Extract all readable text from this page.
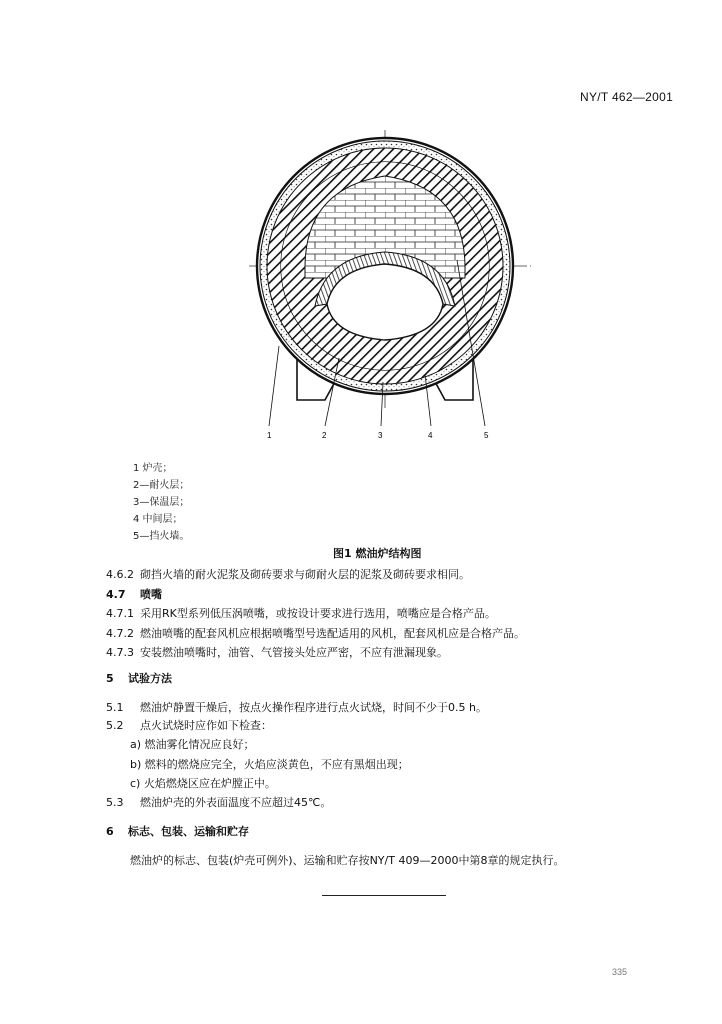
NY/T 462—2001
1	2	3	4	5
1 炉壳；
2—耐火层；
3—保温层；
4 中间层；
5—挡火墙。
图1 燃油炉结构图
4.6.2 砌挡火墙的耐火泥浆及砌砖要求与砌耐火层的泥浆及砌砖要求相同。
4.7 喷嘴
4.7.1 采用RK型系列低压涡喷嘴，或按设计要求进行选用，喷嘴应是合格产品。
4.7.2 燃油喷嘴的配套风机应根据喷嘴型号选配适用的风机，配套风机应是合格产品。
4.7.3 安装燃油喷嘴时，油管、气管接头处应严密，不应有泄漏现象。
5 试验方法
5.1 燃油炉静置干燥后，按点火操作程序进行点火试烧，时间不少于0.5 h。
5.2 点火试烧时应作如下检查：
a) 燃油雾化情况应良好；
b) 燃料的燃烧应完全，火焰应淡黄色，不应有黑烟出现；
c) 火焰燃烧区应在炉膛正中。
5.3 燃油炉壳的外表面温度不应超过45℃。
6 标志、包装、运输和贮存
燃油炉的标志、包装(炉壳可例外)、运输和贮存按NY/T 409—2000中第8章的规定执行。
335
